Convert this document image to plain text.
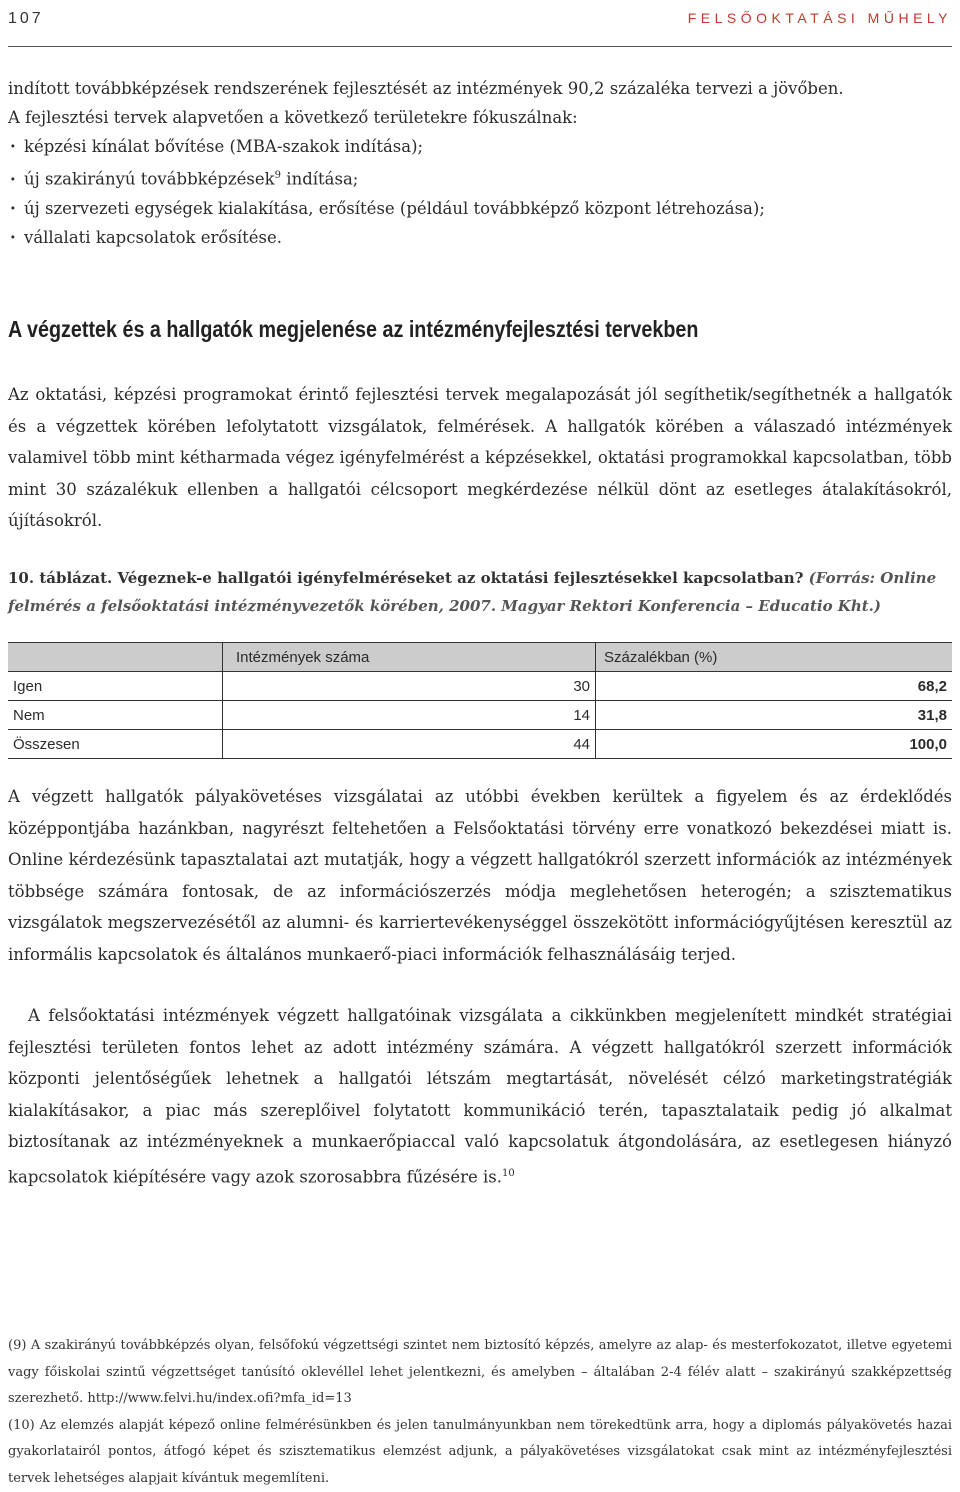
107	FELSŐOKTATÁSI MŰHELY

indított továbbképzések rendszerének fejlesztését az intézmények 90,2 százaléka tervezi a jövőben.

A fejlesztési tervek alapvetően a következő területekre fókuszálnak:

· képzési kínálat bővítése (MBA-szakok indítása);
· új szakirányú továbbképzések$^9$ indítása;
· új szervezeti egységek kialakítása, erősítése (például továbbképző központ létrehozása);
· vállalati kapcsolatok erősítése.
A végzettek és a hallgatók megjelenése az intézményfejlesztési tervekben

Az oktatási, képzési programokat érintő fejlesztési tervek megalapozását jól segíthetik/segíthetnék a hallgatók és a végzettek körében lefolytatott vizsgálatok, felmérések. A hallgatók körében a válaszadó intézmények valamivel több mint kétharmada végez igényfelmérést a képzésekkel, oktatási programokkal kapcsolatban, több mint 30 százalékuk ellenben a hallgatói célcsoport megkérdezése nélkül dönt az esetleges átalakításokról, újításokról.

10. táblázat. Végeznek-e hallgatói igényfelméréseket az oktatási fejlesztésekkel kapcsolatban? (Forrás: Online felmérés a felsőoktatási intézményvezetők körében, 2007. Magyar Rektori Konferencia – Educatio Kht.)

	Intézmények száma	Százalékban (%)
Igen	30	68,2
Nem	14	31,8
Összesen	44	100,0

A végzett hallgatók pályakövetéses vizsgálatai az utóbbi években kerültek a figyelem és az érdeklődés középpontjába hazánkban, nagyrészt feltehetően a Felsőoktatási törvény erre vonatkozó bekezdései miatt is. Online kérdezésünk tapasztalatai azt mutatják, hogy a végzett hallgatókról szerzett információk az intézmények többsége számára fontosak, de az információszerzés módja meglehetősen heterogén; a szisztematikus vizsgálatok megszervezésétől az alumni- és karriertevékenységgel összekötött információgyűjtésen keresztül az informális kapcsolatok és általános munkaerő-piaci információk felhasználásáig terjed.

A felsőoktatási intézmények végzett hallgatóinak vizsgálata a cikkünkben megjelenített mindkét stratégiai fejlesztési területen fontos lehet az adott intézmény számára. A végzett hallgatókról szerzett információk központi jelentőségűek lehetnek a hallgatói létszám megtartását, növelését célzó marketingstratégiák kialakításakor, a piac más szereplőivel folytatott kommunikáció terén, tapasztalataik pedig jó alkalmat biztosítanak az intézményeknek a munkaerőpiaccal való kapcsolatuk átgondolására, az esetlegesen hiányzó kapcsolatok kiépítésére vagy azok szorosabbra fűzésére is.$^{10}$

(9) A szakirányú továbbképzés olyan, felsőfokú végzettségi szintet nem biztosító képzés, amelyre az alap- és mesterfokozatot, illetve egyetemi vagy főiskolai szintű végzettséget tanúsító oklevéllel lehet jelentkezni, és amelyben – általában 2-4 félév alatt – szakirányú szakképzettség szerezhető. http://www.felvi.hu/index.ofi?mfa_id=13

(10) Az elemzés alapját képező online felmérésünkben és jelen tanulmányunkban nem törekedtünk arra, hogy a diplomás pályakövetés hazai gyakorlatairól pontos, átfogó képet és szisztematikus elemzést adjunk, a pályakövetéses vizsgálatokat csak mint az intézményfejlesztési tervek lehetséges alapjait kívántuk megemlíteni.
